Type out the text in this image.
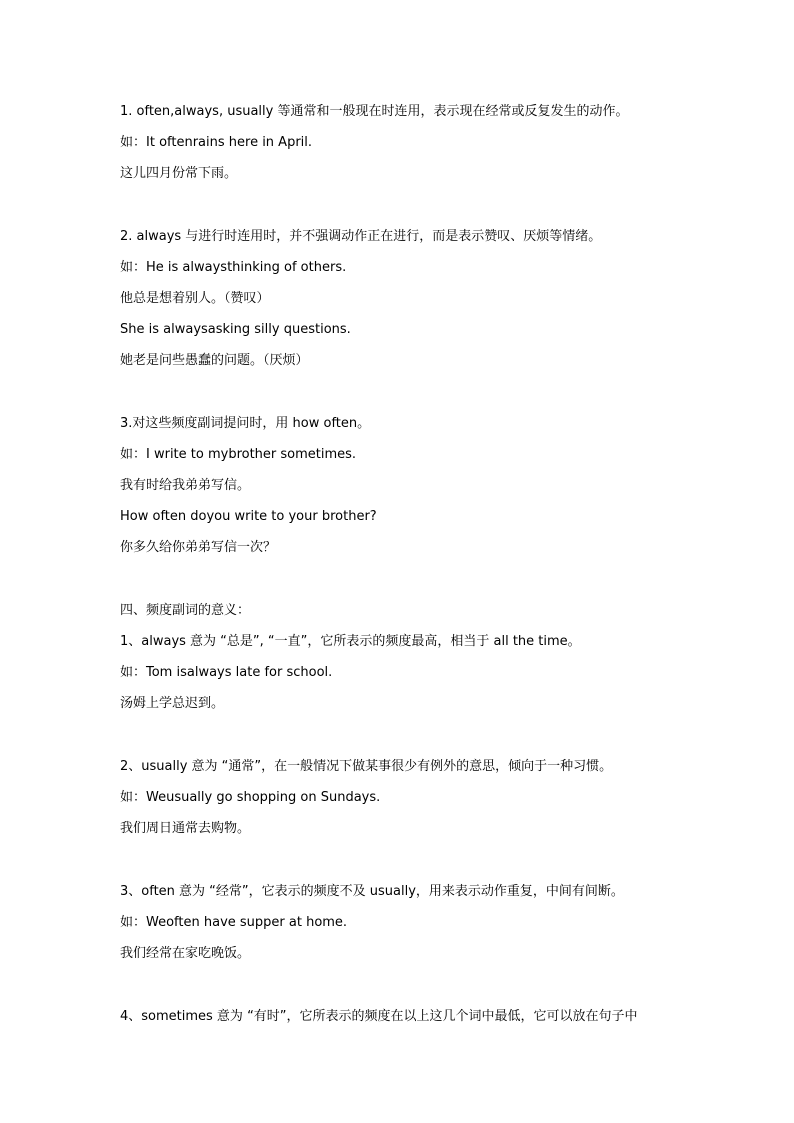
1. often,always, usually 等通常和一般现在时连用，表示现在经常或反复发生的动作。
如：It oftenrains here in April.
这儿四月份常下雨。
2. always 与进行时连用时，并不强调动作正在进行，而是表示赞叹、厌烦等情绪。
如：He is alwaysthinking of others.
他总是想着别人。（赞叹）
She is alwaysasking silly questions.
她老是问些愚蠢的问题。（厌烦）
3.对这些频度副词提问时，用 how often。
如：I write to mybrother sometimes.
我有时给我弟弟写信。
How often doyou write to your brother?
你多久给你弟弟写信一次？
四、频度副词的意义：
1、always 意为 “总是”, “一直”，它所表示的频度最高，相当于 all the time。
如：Tom isalways late for school.
汤姆上学总迟到。
2、usually 意为 “通常”，在一般情况下做某事很少有例外的意思，倾向于一种习惯。
如：Weusually go shopping on Sundays.
我们周日通常去购物。
3、often 意为 “经常”，它表示的频度不及 usually，用来表示动作重复，中间有间断。
如：Weoften have supper at home.
我们经常在家吃晚饭。
4、sometimes 意为 “有时”，它所表示的频度在以上这几个词中最低，它可以放在句子中
